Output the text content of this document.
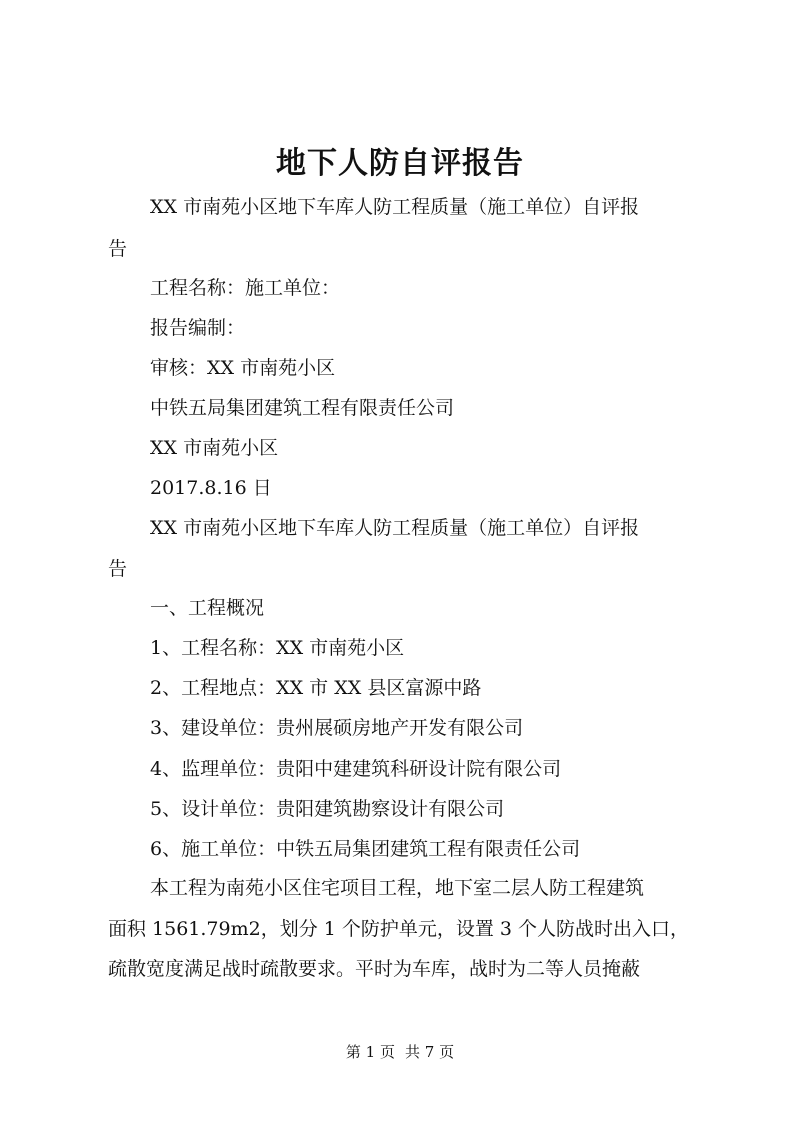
地下人防自评报告
XX 市南苑小区地下车库人防工程质量（施工单位）自评报
告
工程名称：施工单位：
报告编制：
审核：XX 市南苑小区
中铁五局集团建筑工程有限责任公司
XX 市南苑小区
2017.8.16 日
XX 市南苑小区地下车库人防工程质量（施工单位）自评报
告
一、工程概况
1、工程名称：XX 市南苑小区
2、工程地点：XX 市 XX 县区富源中路
3、建设单位：贵州展硕房地产开发有限公司
4、监理单位：贵阳中建建筑科研设计院有限公司
5、设计单位：贵阳建筑勘察设计有限公司
6、施工单位：中铁五局集团建筑工程有限责任公司
本工程为南苑小区住宅项目工程，地下室二层人防工程建筑
面积 1561.79m2，划分 1 个防护单元，设置 3 个人防战时出入口，
疏散宽度满足战时疏散要求。平时为车库，战时为二等人员掩蔽
第 1 页 共 7 页
